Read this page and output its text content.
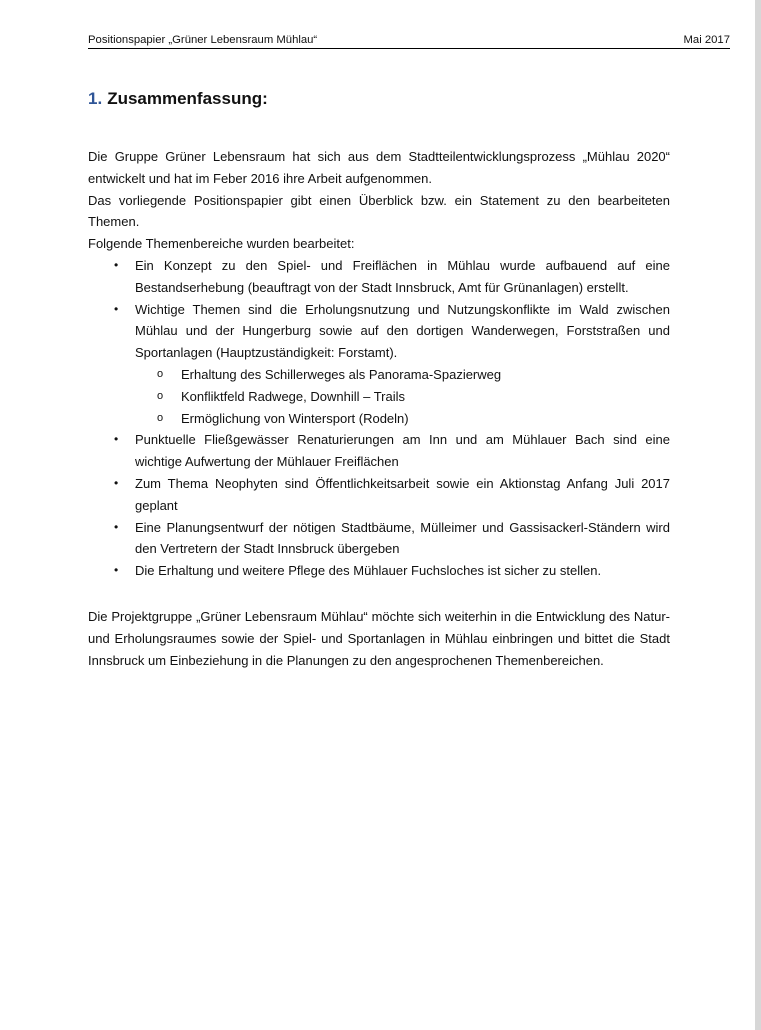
Positionspapier „Grüner Lebensraum Mühlau“	Mai 2017
1. Zusammenfassung:

Die Gruppe Grüner Lebensraum hat sich aus dem Stadtteilentwicklungsprozess „Mühlau 2020“ entwickelt und hat im Feber 2016 ihre Arbeit aufgenommen.

Das vorliegende Positionspapier gibt einen Überblick bzw. ein Statement zu den bearbeiteten Themen.

Folgende Themenbereiche wurden bearbeitet:

• Ein Konzept zu den Spiel- und Freiflächen in Mühlau wurde aufbauend auf eine Bestandserhebung (beauftragt von der Stadt Innsbruck, Amt für Grünanlagen) erstellt.
• Wichtige Themen sind die Erholungsnutzung und Nutzungskonflikte im Wald zwischen Mühlau und der Hungerburg sowie auf den dortigen Wanderwegen, Forststraßen und Sportanlagen (Hauptzuständigkeit: Forstamt).
o Erhaltung des Schillerweges als Panorama-Spazierweg
o Konfliktfeld Radwege, Downhill – Trails
o Ermöglichung von Wintersport (Rodeln)
• Punktuelle Fließgewässer Renaturierungen am Inn und am Mühlauer Bach sind eine wichtige Aufwertung der Mühlauer Freiflächen
• Zum Thema Neophyten sind Öffentlichkeitsarbeit sowie ein Aktionstag Anfang Juli 2017 geplant
• Eine Planungsentwurf der nötigen Stadtbäume, Mülleimer und Gassisackerl-Ständern wird den Vertretern der Stadt Innsbruck übergeben
• Die Erhaltung und weitere Pflege des Mühlauer Fuchsloches ist sicher zu stellen.

Die Projektgruppe „Grüner Lebensraum Mühlau“ möchte sich weiterhin in die Entwicklung des Natur- und Erholungsraumes sowie der Spiel- und Sportanlagen in Mühlau einbringen und bittet die Stadt Innsbruck um Einbeziehung in die Planungen zu den angesprochenen Themenbereichen.
